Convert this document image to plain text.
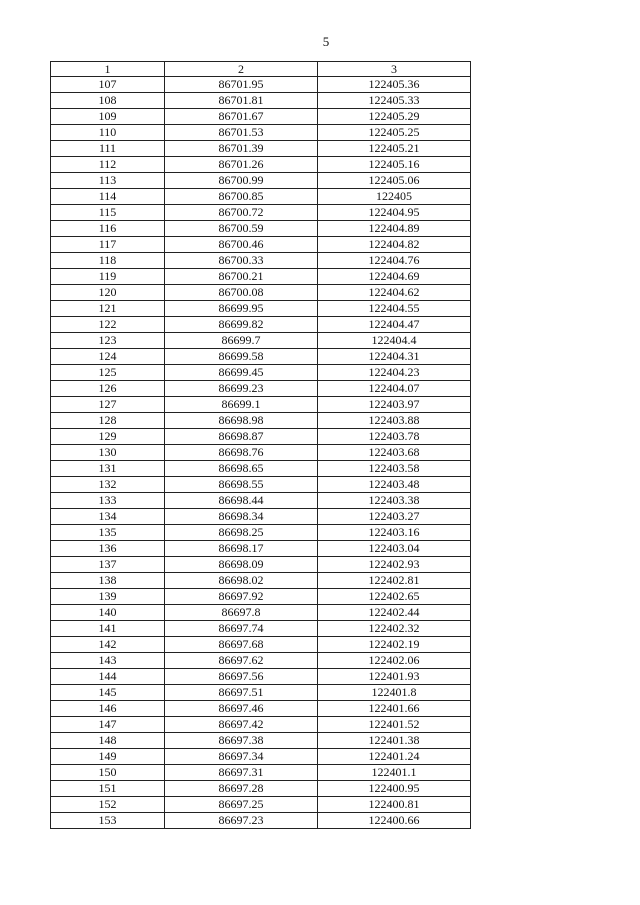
5
1	2	3
107	86701.95	122405.36
108	86701.81	122405.33
109	86701.67	122405.29
110	86701.53	122405.25
111	86701.39	122405.21
112	86701.26	122405.16
113	86700.99	122405.06
114	86700.85	122405
115	86700.72	122404.95
116	86700.59	122404.89
117	86700.46	122404.82
118	86700.33	122404.76
119	86700.21	122404.69
120	86700.08	122404.62
121	86699.95	122404.55
122	86699.82	122404.47
123	86699.7	122404.4
124	86699.58	122404.31
125	86699.45	122404.23
126	86699.23	122404.07
127	86699.1	122403.97
128	86698.98	122403.88
129	86698.87	122403.78
130	86698.76	122403.68
131	86698.65	122403.58
132	86698.55	122403.48
133	86698.44	122403.38
134	86698.34	122403.27
135	86698.25	122403.16
136	86698.17	122403.04
137	86698.09	122402.93
138	86698.02	122402.81
139	86697.92	122402.65
140	86697.8	122402.44
141	86697.74	122402.32
142	86697.68	122402.19
143	86697.62	122402.06
144	86697.56	122401.93
145	86697.51	122401.8
146	86697.46	122401.66
147	86697.42	122401.52
148	86697.38	122401.38
149	86697.34	122401.24
150	86697.31	122401.1
151	86697.28	122400.95
152	86697.25	122400.81
153	86697.23	122400.66
